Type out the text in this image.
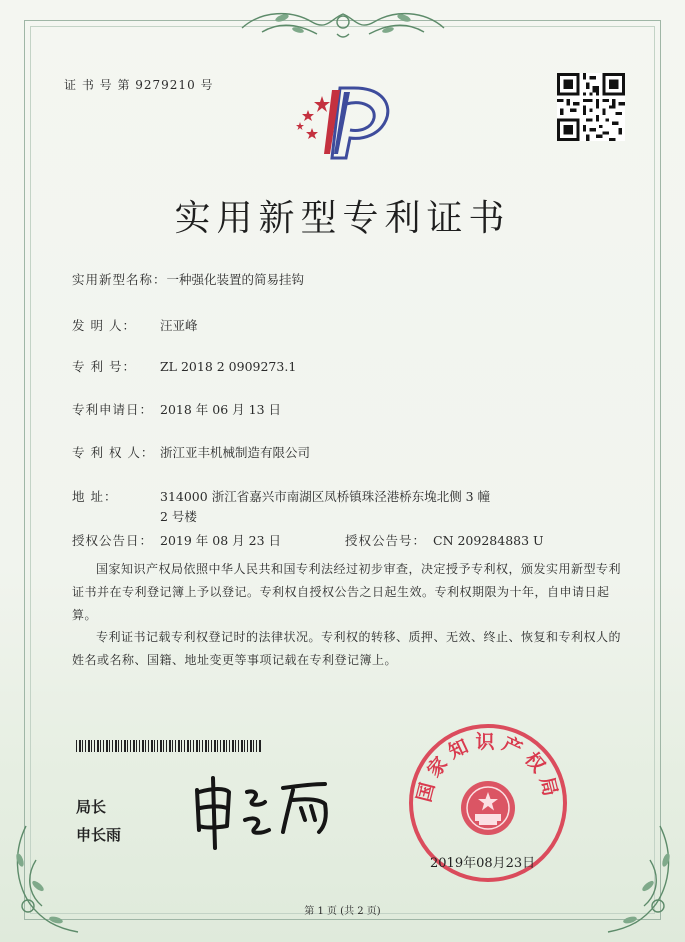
证 书 号 第 9279210 号
实用新型专利证书
实用新型名称：一种强化装置的简易挂钩
发 明 人： 汪亚峰
专 利 号： ZL 2018 2 0909273.1
专利申请日： 2018 年 06 月 13 日
专 利 权 人： 浙江亚丰机械制造有限公司
地 址：	314000 浙江省嘉兴市南湖区凤桥镇珠泾港桥东堍北侧 3 幢
2 号楼
授权公告日： 2019 年 08 月 23 日	授权公告号： CN 209284883 U
国家知识产权局依照中华人民共和国专利法经过初步审查，决定授予专利权，颁发实用新型专利证书并在专利登记簿上予以登记。专利权自授权公告之日起生效。专利权期限为十年，自申请日起算。
专利证书记载专利权登记时的法律状况。专利权的转移、质押、无效、终止、恢复和专利权人的姓名或名称、国籍、地址变更等事项记载在专利登记簿上。
局长
申长雨
国家知识产权局
2019年08月23日
第 1 页 (共 2 页)
